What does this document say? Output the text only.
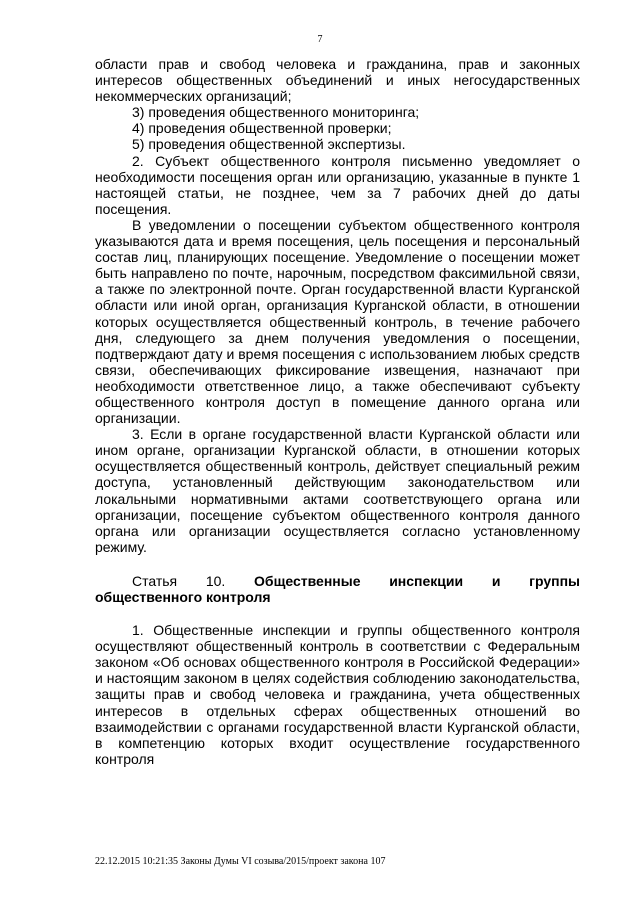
7

области прав и свобод человека и гражданина, прав и законных интересов общественных объединений и иных негосударственных некоммерческих организаций;

3) проведения общественного мониторинга;

4) проведения общественной проверки;

5) проведения общественной экспертизы.

2. Субъект общественного контроля письменно уведомляет о необходимости посещения орган или организацию, указанные в пункте 1 настоящей статьи, не позднее, чем за 7 рабочих дней до даты посещения.

В уведомлении о посещении субъектом общественного контроля указываются дата и время посещения, цель посещения и персональный состав лиц, планирующих посещение. Уведомление о посещении может быть направлено по почте, нарочным, посредством факсимильной связи, а также по электронной почте. Орган государственной власти Курганской области или иной орган, организация Курганской области, в отношении которых осуществляется общественный контроль, в течение рабочего дня, следующего за днем получения уведомления о посещении, подтверждают дату и время посещения с использованием любых средств связи, обеспечивающих фиксирование извещения, назначают при необходимости ответственное лицо, а также обеспечивают субъекту общественного контроля доступ в помещение данного органа или организации.

3. Если в органе государственной власти Курганской области или ином органе, организации Курганской области, в отношении которых осуществляется общественный контроль, действует специальный режим доступа, установленный действующим законодательством или локальными нормативными актами соответствующего органа или организации, посещение субъектом общественного контроля данного органа или организации осуществляется согласно установленному режиму.

Статья 10. Общественные инспекции и группы

общественного контроля

1. Общественные инспекции и группы общественного контроля осуществляют общественный контроль в соответствии с Федеральным законом «Об основах общественного контроля в Российской Федерации» и настоящим законом в целях содействия соблюдению законодательства, защиты прав и свобод человека и гражданина, учета общественных интересов в отдельных сферах общественных отношений во взаимодействии с органами государственной власти Курганской области, в компетенцию которых входит осуществление государственного контроля

22.12.2015 10:21:35 Законы Думы VI созыва/2015/проект закона 107
